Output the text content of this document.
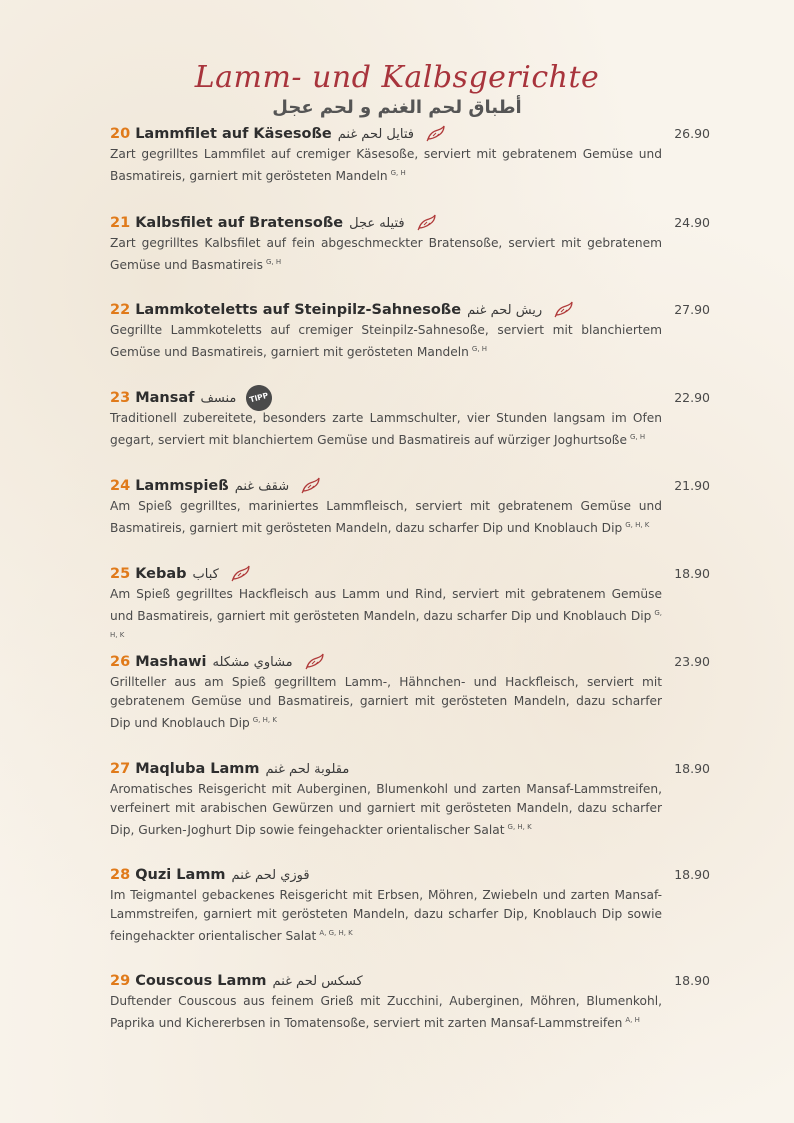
Lamm- und Kalbsgerichte
أطباق لحم الغنم و لحم عجل
20 Lammfilet auf Käsesoße فتايل لحم غنم	26.90
Zart gegrilltes Lammfilet auf cremiger Käsesoße, serviert mit gebratenem Gemüse und Basmatireis, garniert mit gerösteten Mandeln $^{G, H}$
21 Kalbsfilet auf Bratensoße فتيله عجل	24.90
Zart gegrilltes Kalbsfilet auf fein abgeschmeckter Bratensoße, serviert mit gebratenem Gemüse und Basmatireis $^{G, H}$
22 Lammkoteletts auf Steinpilz-Sahnesoße ريش لحم غنم	27.90
Gegrillte Lammkoteletts auf cremiger Steinpilz-Sahnesoße, serviert mit blanchiertem Gemüse und Basmatireis, garniert mit gerösteten Mandeln $^{G, H}$
23 Mansaf منسف	TIPP	22.90
Traditionell zubereitete, besonders zarte Lammschulter, vier Stunden langsam im Ofen gegart, serviert mit blanchiertem Gemüse und Basmatireis auf würziger Joghurtsoße $^{G, H}$
24 Lammspieß شقف غنم	21.90
Am Spieß gegrilltes, mariniertes Lammfleisch, serviert mit gebratenem Gemüse und Basmatireis, garniert mit gerösteten Mandeln, dazu scharfer Dip und Knoblauch Dip $^{G, H, K}$
25 Kebab كباب	18.90
Am Spieß gegrilltes Hackfleisch aus Lamm und Rind, serviert mit gebratenem Gemüse und Basmatireis, garniert mit gerösteten Mandeln, dazu scharfer Dip und Knoblauch Dip $^{G, H, K}$
26 Mashawi مشاوي مشكله	23.90
Grillteller aus am Spieß gegrilltem Lamm-, Hähnchen- und Hackfleisch, serviert mit gebratenem Gemüse und Basmatireis, garniert mit gerösteten Mandeln, dazu scharfer Dip und Knoblauch Dip $^{G, H, K}$
27 Maqluba Lamm مقلوبة لحم غنم	18.90
Aromatisches Reisgericht mit Auberginen, Blumenkohl und zarten Mansaf-Lammstreifen, verfeinert mit arabischen Gewürzen und garniert mit gerösteten Mandeln, dazu scharfer Dip, Gurken-Joghurt Dip sowie feingehackter orientalischer Salat $^{G, H, K}$
28 Quzi Lamm قوزي لحم غنم	18.90
Im Teigmantel gebackenes Reisgericht mit Erbsen, Möhren, Zwiebeln und zarten Mansaf-Lammstreifen, garniert mit gerösteten Mandeln, dazu scharfer Dip, Knoblauch Dip sowie feingehackter orientalischer Salat $^{A, G, H, K}$
29 Couscous Lamm كسكس لحم غنم	18.90
Duftender Couscous aus feinem Grieß mit Zucchini, Auberginen, Möhren, Blumenkohl, Paprika und Kichererbsen in Tomatensoße, serviert mit zarten Mansaf-Lammstreifen $^{A, H}$
